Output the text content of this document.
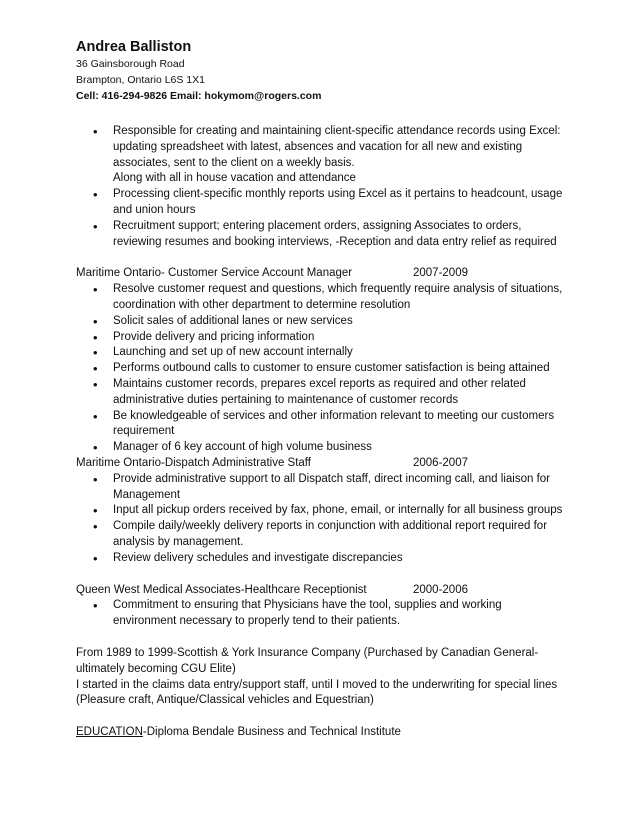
Andrea Balliston
36 Gainsborough Road
Brampton, Ontario L6S 1X1
Cell: 416-294-9826 Email: hokymom@rogers.com
• Responsible for creating and maintaining client-specific attendance records using Excel: updating spreadsheet with latest, absences and vacation for all new and existing associates, sent to the client on a weekly basis.
Along with all in house vacation and attendance
• Processing client-specific monthly reports using Excel as it pertains to headcount, usage and union hours
• Recruitment support; entering placement orders, assigning Associates to orders, reviewing resumes and booking interviews, -Reception and data entry relief as required
Maritime Ontario- Customer Service Account Manager	2007-2009
• Resolve customer request and questions, which frequently require analysis of situations, coordination with other department to determine resolution
• Solicit sales of additional lanes or new services
• Provide delivery and pricing information
• Launching and set up of new account internally
• Performs outbound calls to customer to ensure customer satisfaction is being attained
• Maintains customer records, prepares excel reports as required and other related administrative duties pertaining to maintenance of customer records
• Be knowledgeable of services and other information relevant to meeting our customers requirement
• Manager of 6 key account of high volume business
Maritime Ontario-Dispatch Administrative Staff	2006-2007
• Provide administrative support to all Dispatch staff, direct incoming call, and liaison for Management
• Input all pickup orders received by fax, phone, email, or internally for all business groups
• Compile daily/weekly delivery reports in conjunction with additional report required for analysis by management.
• Review delivery schedules and investigate discrepancies
Queen West Medical Associates-Healthcare Receptionist	2000-2006
• Commitment to ensuring that Physicians have the tool, supplies and working environment necessary to properly tend to their patients.

From 1989 to 1999-Scottish & York Insurance Company (Purchased by Canadian General-ultimately becoming CGU Elite)

I started in the claims data entry/support staff, until I moved to the underwriting for special lines (Pleasure craft, Antique/Classical vehicles and Equestrian)

EDUCATION-Diploma Bendale Business and Technical Institute
